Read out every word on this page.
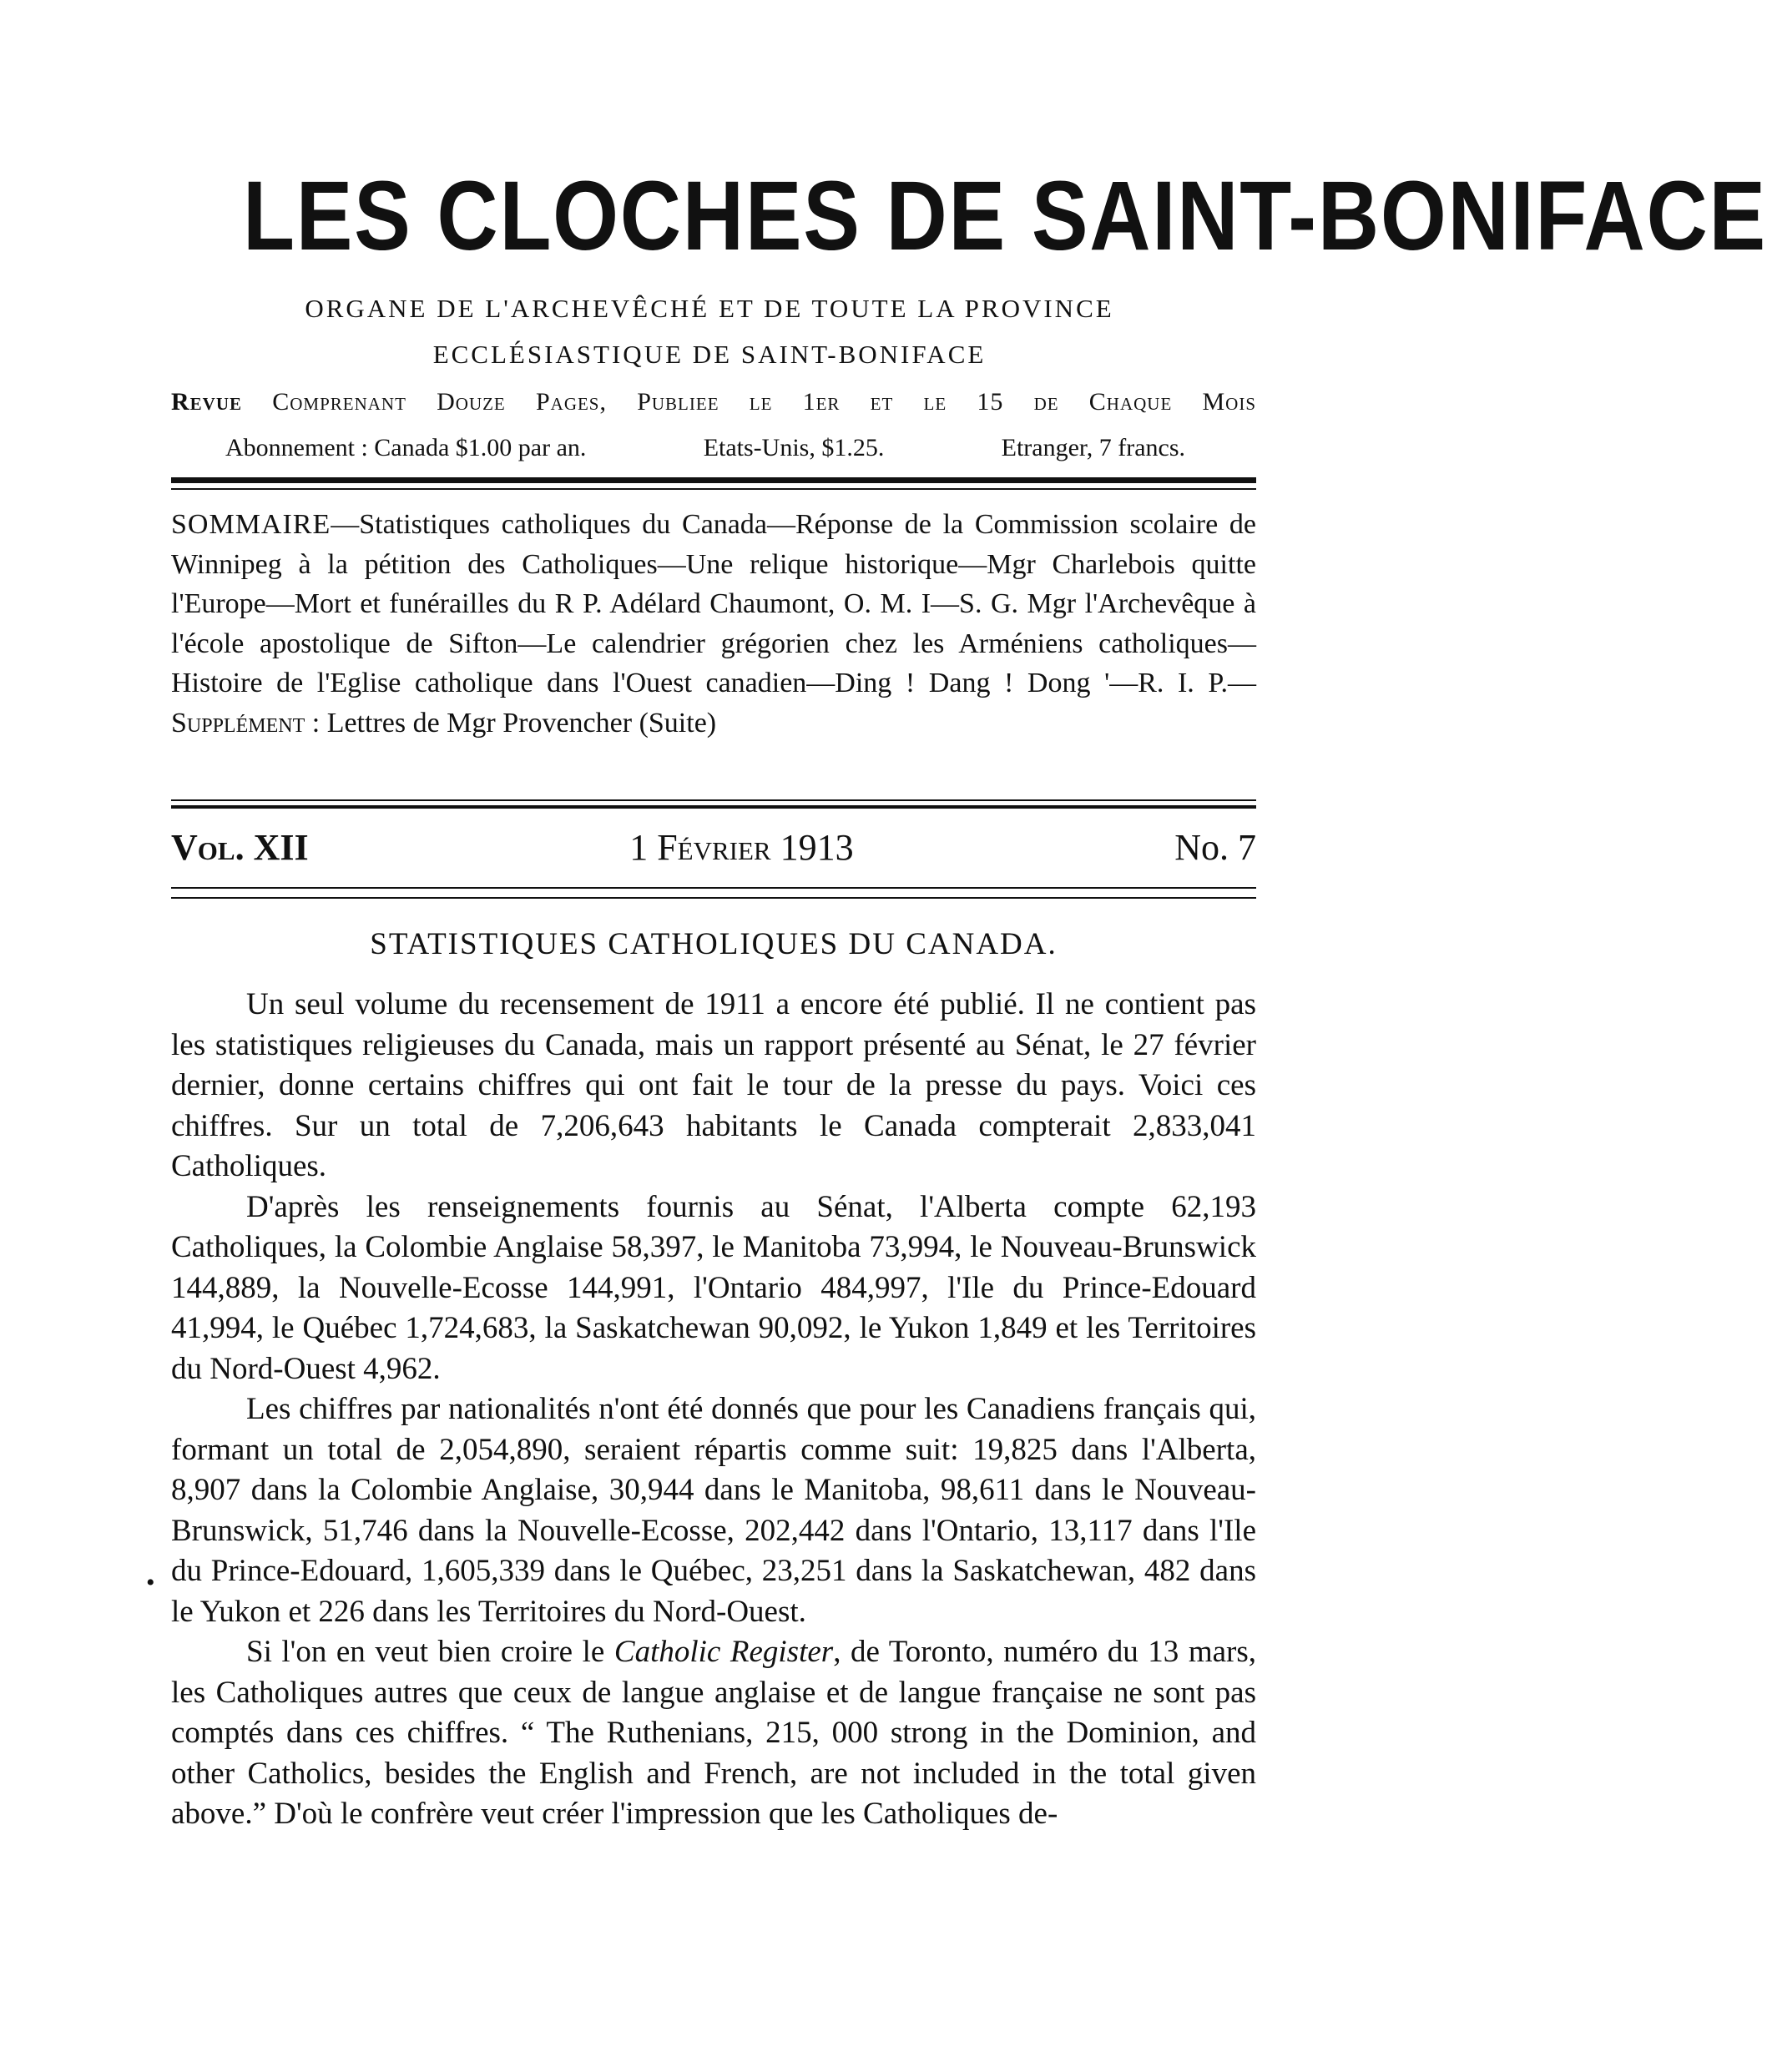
LES CLOCHES DE SAINT-BONIFACE
ORGANE DE L'ARCHEVÊCHÉ ET DE TOUTE LA PROVINCE
ECCLÉSIASTIQUE DE SAINT-BONIFACE
Revue Comprenant Douze Pages, Publiee le 1er et le 15 de Chaque Mois
Abonnement : Canada $1.00 par an.	Etats-Unis, $1.25.	Etranger, 7 francs.
SOMMAIRE—Statistiques catholiques du Canada—Réponse de la Commission scolaire de Winnipeg à la pétition des Catholiques—Une relique historique—Mgr Charlebois quitte l'Europe—Mort et funérailles du R P. Adélard Chaumont, O. M. I—S. G. Mgr l'Archevêque à l'école apostolique de Sifton—Le calendrier grégorien chez les Arméniens catholiques—Histoire de l'Eglise catholique dans l'Ouest canadien—Ding ! Dang ! Dong '—R. I. P.—Supplément : Lettres de Mgr Provencher (Suite)
Vol. XII	1 Février 1913	No. 7
STATISTIQUES CATHOLIQUES DU CANADA.

Un seul volume du recensement de 1911 a encore été publié. Il ne contient pas les statistiques religieuses du Canada, mais un rapport présenté au Sénat, le 27 février dernier, donne certains chiffres qui ont fait le tour de la presse du pays. Voici ces chiffres. Sur un total de 7,206,643 habitants le Canada compterait 2,833,041 Catholiques.

D'après les renseignements fournis au Sénat, l'Alberta compte 62,193 Catholiques, la Colombie Anglaise 58,397, le Manitoba 73,994, le Nouveau-Brunswick 144,889, la Nouvelle-Ecosse 144,991, l'Ontario 484,997, l'Ile du Prince-Edouard 41,994, le Québec 1,724,683, la Saskatchewan 90,092, le Yukon 1,849 et les Territoires du Nord-Ouest 4,962.

Les chiffres par nationalités n'ont été donnés que pour les Canadiens français qui, formant un total de 2,054,890, seraient répartis comme suit: 19,825 dans l'Alberta, 8,907 dans la Colombie Anglaise, 30,944 dans le Manitoba, 98,611 dans le Nouveau-Brunswick, 51,746 dans la Nouvelle-Ecosse, 202,442 dans l'Ontario, 13,117 dans l'Ile du Prince-Edouard, 1,605,339 dans le Québec, 23,251 dans la Saskatchewan, 482 dans le Yukon et 226 dans les Territoires du Nord-Ouest.

Si l'on en veut bien croire le Catholic Register, de Toronto, numéro du 13 mars, les Catholiques autres que ceux de langue anglaise et de langue française ne sont pas comptés dans ces chiffres. “ The Ruthenians, 215, 000 strong in the Dominion, and other Catholics, besides the English and French, are not included in the total given above.” D'où le confrère veut créer l'impression que les Catholiques de-

•
